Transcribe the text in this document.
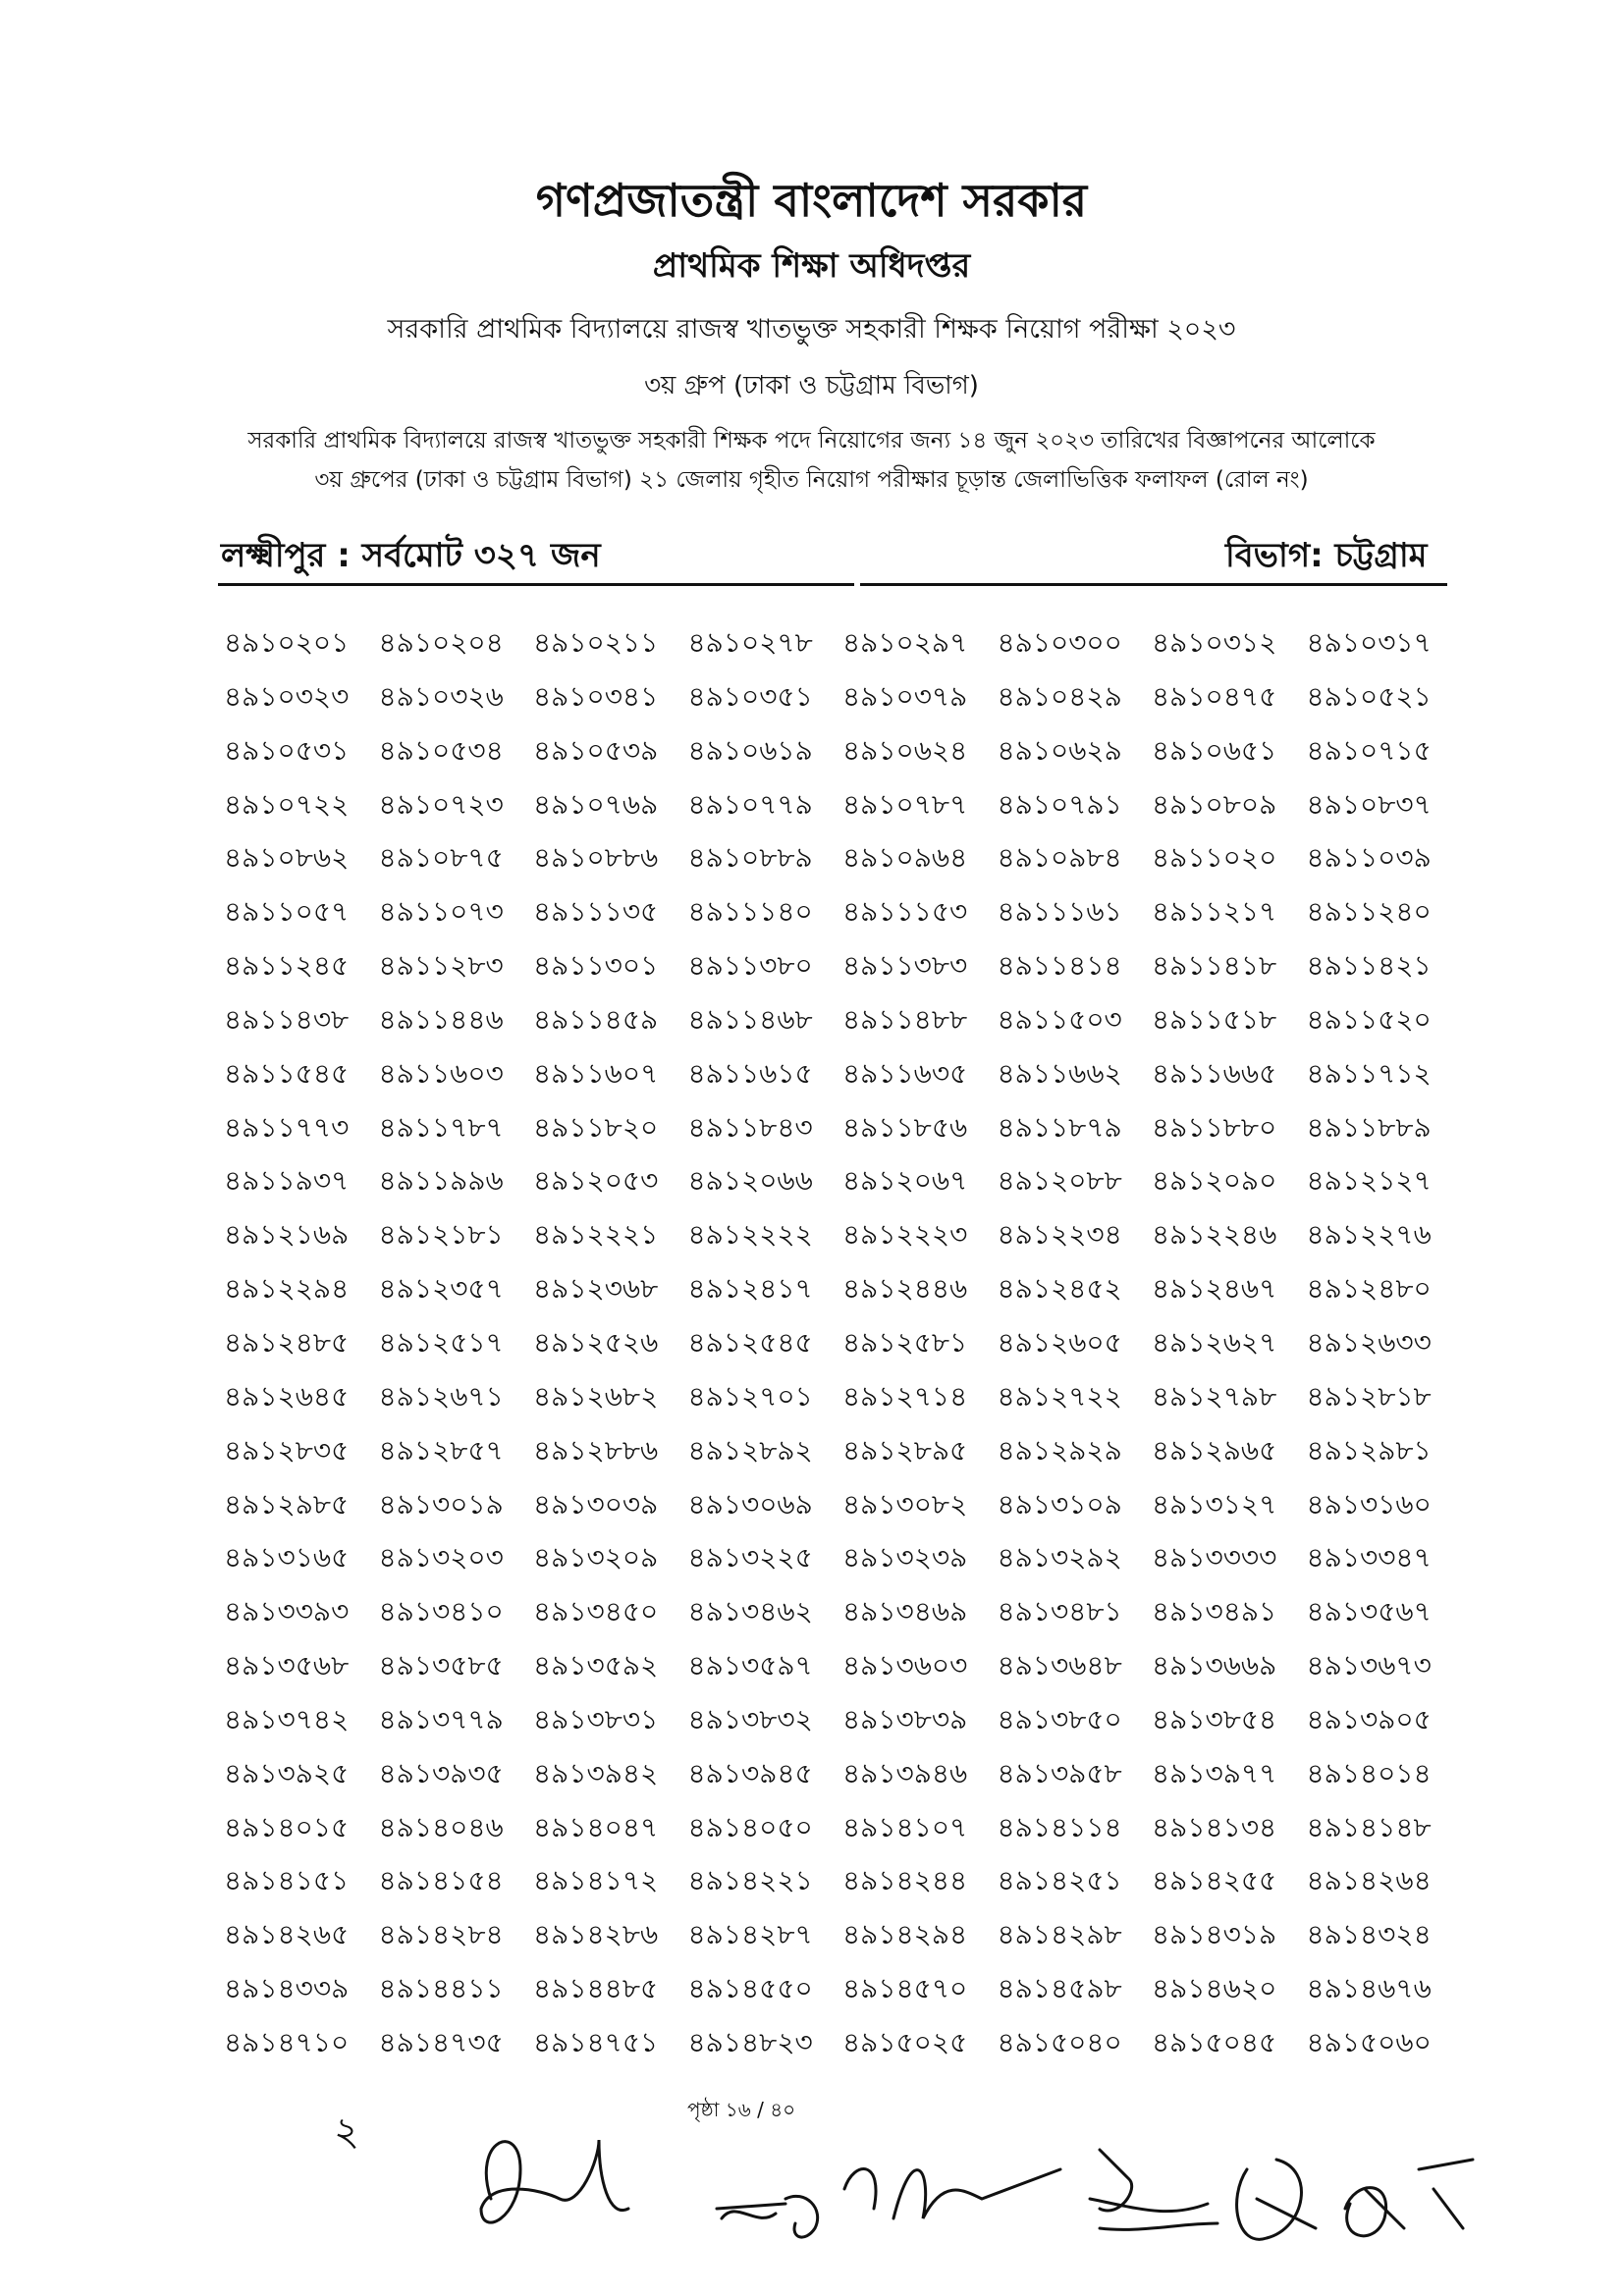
গণপ্রজাতন্ত্রী বাংলাদেশ সরকার
প্রাথমিক শিক্ষা অধিদপ্তর
সরকারি প্রাথমিক বিদ্যালয়ে রাজস্ব খাতভুক্ত সহকারী শিক্ষক নিয়োগ পরীক্ষা ২০২৩
৩য় গ্রুপ (ঢাকা ও চট্টগ্রাম বিভাগ)
সরকারি প্রাথমিক বিদ্যালয়ে রাজস্ব খাতভুক্ত সহকারী শিক্ষক পদে নিয়োগের জন্য ১৪ জুন ২০২৩ তারিখের বিজ্ঞাপনের আলোকে
৩য় গ্রুপের (ঢাকা ও চট্টগ্রাম বিভাগ) ২১ জেলায় গৃহীত নিয়োগ পরীক্ষার চূড়ান্ত জেলাভিত্তিক ফলাফল (রোল নং)
লক্ষ্মীপুর : সর্বমোট ৩২৭ জন	বিভাগ: চট্টগ্রাম
৪৯১০২০১	৪৯১০২০৪	৪৯১০২১১	৪৯১০২৭৮	৪৯১০২৯৭	৪৯১০৩০০	৪৯১০৩১২	৪৯১০৩১৭
৪৯১০৩২৩	৪৯১০৩২৬	৪৯১০৩৪১	৪৯১০৩৫১	৪৯১০৩৭৯	৪৯১০৪২৯	৪৯১০৪৭৫	৪৯১০৫২১
৪৯১০৫৩১	৪৯১০৫৩৪	৪৯১০৫৩৯	৪৯১০৬১৯	৪৯১০৬২৪	৪৯১০৬২৯	৪৯১০৬৫১	৪৯১০৭১৫
৪৯১০৭২২	৪৯১০৭২৩	৪৯১০৭৬৯	৪৯১০৭৭৯	৪৯১০৭৮৭	৪৯১০৭৯১	৪৯১০৮০৯	৪৯১০৮৩৭
৪৯১০৮৬২	৪৯১০৮৭৫	৪৯১০৮৮৬	৪৯১০৮৮৯	৪৯১০৯৬৪	৪৯১০৯৮৪	৪৯১১০২০	৪৯১১০৩৯
৪৯১১০৫৭	৪৯১১০৭৩	৪৯১১১৩৫	৪৯১১১৪০	৪৯১১১৫৩	৪৯১১১৬১	৪৯১১২১৭	৪৯১১২৪০
৪৯১১২৪৫	৪৯১১২৮৩	৪৯১১৩০১	৪৯১১৩৮০	৪৯১১৩৮৩	৪৯১১৪১৪	৪৯১১৪১৮	৪৯১১৪২১
৪৯১১৪৩৮	৪৯১১৪৪৬	৪৯১১৪৫৯	৪৯১১৪৬৮	৪৯১১৪৮৮	৪৯১১৫০৩	৪৯১১৫১৮	৪৯১১৫২০
৪৯১১৫৪৫	৪৯১১৬০৩	৪৯১১৬০৭	৪৯১১৬১৫	৪৯১১৬৩৫	৪৯১১৬৬২	৪৯১১৬৬৫	৪৯১১৭১২
৪৯১১৭৭৩	৪৯১১৭৮৭	৪৯১১৮২০	৪৯১১৮৪৩	৪৯১১৮৫৬	৪৯১১৮৭৯	৪৯১১৮৮০	৪৯১১৮৮৯
৪৯১১৯৩৭	৪৯১১৯৯৬	৪৯১২০৫৩	৪৯১২০৬৬	৪৯১২০৬৭	৪৯১২০৮৮	৪৯১২০৯০	৪৯১২১২৭
৪৯১২১৬৯	৪৯১২১৮১	৪৯১২২২১	৪৯১২২২২	৪৯১২২২৩	৪৯১২২৩৪	৪৯১২২৪৬	৪৯১২২৭৬
৪৯১২২৯৪	৪৯১২৩৫৭	৪৯১২৩৬৮	৪৯১২৪১৭	৪৯১২৪৪৬	৪৯১২৪৫২	৪৯১২৪৬৭	৪৯১২৪৮০
৪৯১২৪৮৫	৪৯১২৫১৭	৪৯১২৫২৬	৪৯১২৫৪৫	৪৯১২৫৮১	৪৯১২৬০৫	৪৯১২৬২৭	৪৯১২৬৩৩
৪৯১২৬৪৫	৪৯১২৬৭১	৪৯১২৬৮২	৪৯১২৭০১	৪৯১২৭১৪	৪৯১২৭২২	৪৯১২৭৯৮	৪৯১২৮১৮
৪৯১২৮৩৫	৪৯১২৮৫৭	৪৯১২৮৮৬	৪৯১২৮৯২	৪৯১২৮৯৫	৪৯১২৯২৯	৪৯১২৯৬৫	৪৯১২৯৮১
৪৯১২৯৮৫	৪৯১৩০১৯	৪৯১৩০৩৯	৪৯১৩০৬৯	৪৯১৩০৮২	৪৯১৩১০৯	৪৯১৩১২৭	৪৯১৩১৬০
৪৯১৩১৬৫	৪৯১৩২০৩	৪৯১৩২০৯	৪৯১৩২২৫	৪৯১৩২৩৯	৪৯১৩২৯২	৪৯১৩৩৩৩	৪৯১৩৩৪৭
৪৯১৩৩৯৩	৪৯১৩৪১০	৪৯১৩৪৫০	৪৯১৩৪৬২	৪৯১৩৪৬৯	৪৯১৩৪৮১	৪৯১৩৪৯১	৪৯১৩৫৬৭
৪৯১৩৫৬৮	৪৯১৩৫৮৫	৪৯১৩৫৯২	৪৯১৩৫৯৭	৪৯১৩৬০৩	৪৯১৩৬৪৮	৪৯১৩৬৬৯	৪৯১৩৬৭৩
৪৯১৩৭৪২	৪৯১৩৭৭৯	৪৯১৩৮৩১	৪৯১৩৮৩২	৪৯১৩৮৩৯	৪৯১৩৮৫০	৪৯১৩৮৫৪	৪৯১৩৯০৫
৪৯১৩৯২৫	৪৯১৩৯৩৫	৪৯১৩৯৪২	৪৯১৩৯৪৫	৪৯১৩৯৪৬	৪৯১৩৯৫৮	৪৯১৩৯৭৭	৪৯১৪০১৪
৪৯১৪০১৫	৪৯১৪০৪৬	৪৯১৪০৪৭	৪৯১৪০৫০	৪৯১৪১০৭	৪৯১৪১১৪	৪৯১৪১৩৪	৪৯১৪১৪৮
৪৯১৪১৫১	৪৯১৪১৫৪	৪৯১৪১৭২	৪৯১৪২২১	৪৯১৪২৪৪	৪৯১৪২৫১	৪৯১৪২৫৫	৪৯১৪২৬৪
৪৯১৪২৬৫	৪৯১৪২৮৪	৪৯১৪২৮৬	৪৯১৪২৮৭	৪৯১৪২৯৪	৪৯১৪২৯৮	৪৯১৪৩১৯	৪৯১৪৩২৪
৪৯১৪৩৩৯	৪৯১৪৪১১	৪৯১৪৪৮৫	৪৯১৪৫৫০	৪৯১৪৫৭০	৪৯১৪৫৯৮	৪৯১৪৬২০	৪৯১৪৬৭৬
৪৯১৪৭১০	৪৯১৪৭৩৫	৪৯১৪৭৫১	৪৯১৪৮২৩	৪৯১৫০২৫	৪৯১৫০৪০	৪৯১৫০৪৫	৪৯১৫০৬০
২	পৃষ্ঠা ১৬ / ৪০
